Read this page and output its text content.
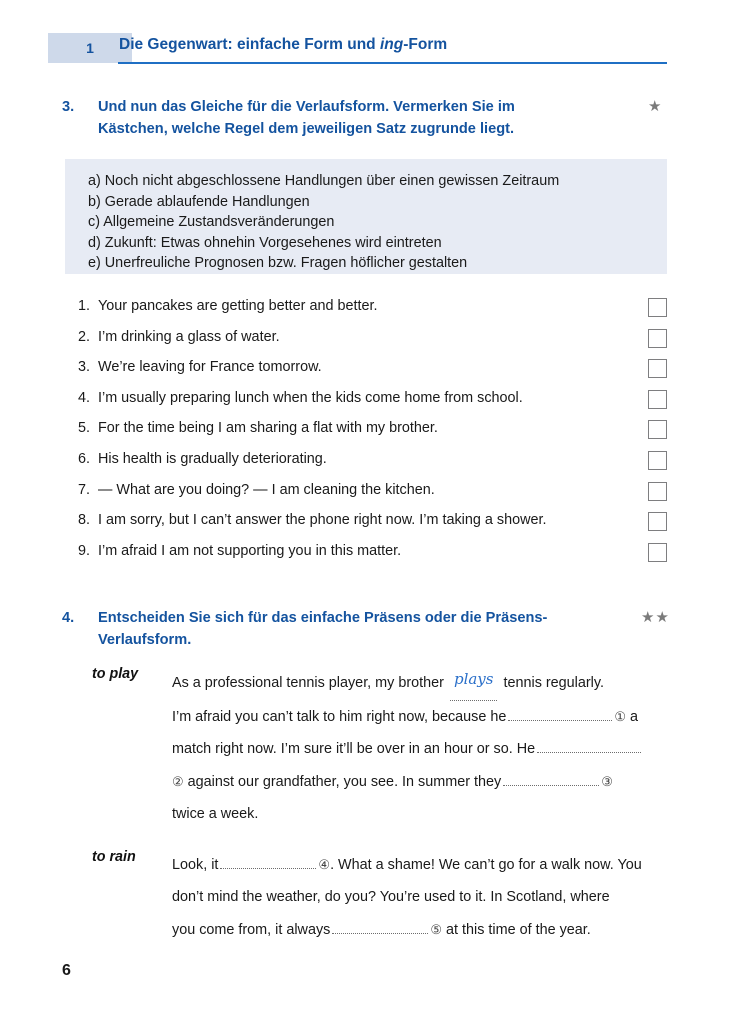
1 Die Gegenwart: einfache Form und ing-Form
3.	Und nun das Gleiche für die Verlaufsform. Vermerken Sie im Kästchen, welche Regel dem jeweiligen Satz zugrunde liegt.
★
a) Noch nicht abgeschlossene Handlungen über einen gewissen Zeitraum
b) Gerade ablaufende Handlungen
c) Allgemeine Zustandsveränderungen
d) Zukunft: Etwas ohnehin Vorgesehenes wird eintreten
e) Unerfreuliche Prognosen bzw. Fragen höflicher gestalten
1. Your pancakes are getting better and better.
2. I’m drinking a glass of water.
3. We’re leaving for France tomorrow.
4. I’m usually preparing lunch when the kids come home from school.
5. For the time being I am sharing a flat with my brother.
6. His health is gradually deteriorating.
7. — What are you doing? — I am cleaning the kitchen.
8. I am sorry, but I can’t answer the phone right now. I’m taking a shower.
9. I’m afraid I am not supporting you in this matter.
4.	Entscheiden Sie sich für das einfache Präsens oder die Präsens-Verlaufsform.
★★
to play
As a professional tennis player, my brother plays tennis regularly.
I’m afraid you can’t talk to him right now, because he	① a
match right now. I’m sure it’ll be over in an hour or so. He
② against our grandfather, you see. In summer they	③
twice a week.
to rain	Look, it	④. What a shame! We can’t go for a walk now. You
don’t mind the weather, do you? You’re used to it. In Scotland, where
you come from, it always	⑤ at this time of the year.
6
